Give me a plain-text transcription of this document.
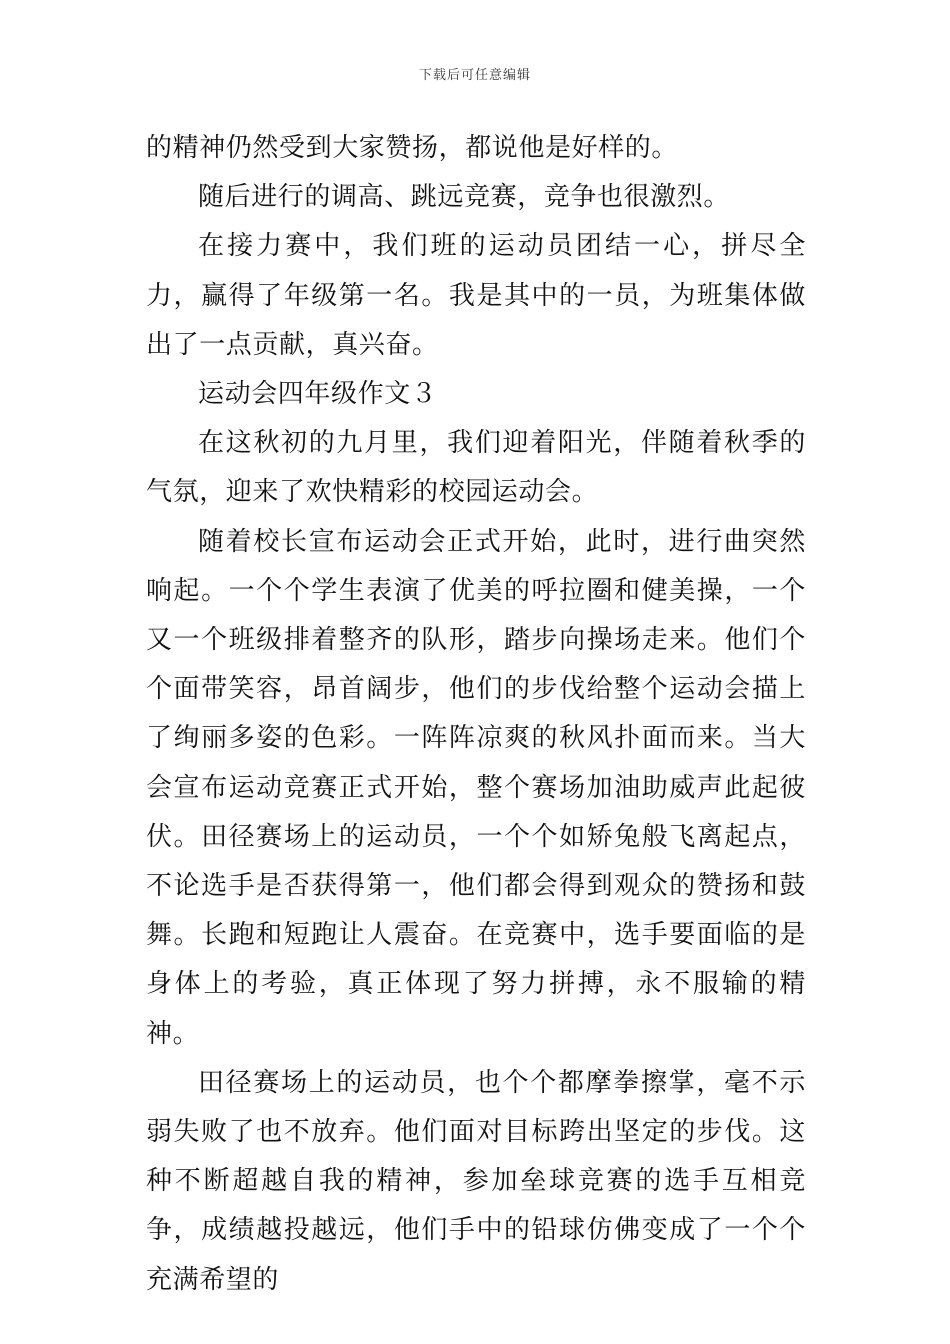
下载后可任意编辑

的精神仍然受到大家赞扬，都说他是好样的。

随后进行的调高、跳远竞赛，竞争也很激烈。

在接力赛中，我们班的运动员团结一心，拼尽全力，赢得了年级第一名。我是其中的一员，为班集体做出了一点贡献，真兴奋。

运动会四年级作文３

在这秋初的九月里，我们迎着阳光，伴随着秋季的气氛，迎来了欢快精彩的校园运动会。

随着校长宣布运动会正式开始，此时，进行曲突然响起。一个个学生表演了优美的呼拉圈和健美操，一个又一个班级排着整齐的队形，踏步向操场走来。他们个个面带笑容，昂首阔步，他们的步伐给整个运动会描上了绚丽多姿的色彩。一阵阵凉爽的秋风扑面而来。当大会宣布运动竞赛正式开始，整个赛场加油助威声此起彼伏。田径赛场上的运动员，一个个如矫兔般飞离起点，不论选手是否获得第一，他们都会得到观众的赞扬和鼓舞。长跑和短跑让人震奋。在竞赛中，选手要面临的是身体上的考验，真正体现了努力拼搏，永不服输的精神。

田径赛场上的运动员，也个个都摩拳擦掌，毫不示弱失败了也不放弃。他们面对目标跨出坚定的步伐。这种不断超越自我的精神，参加垒球竞赛的选手互相竞争，成绩越投越远，他们手中的铅球仿佛变成了一个个充满希望的
